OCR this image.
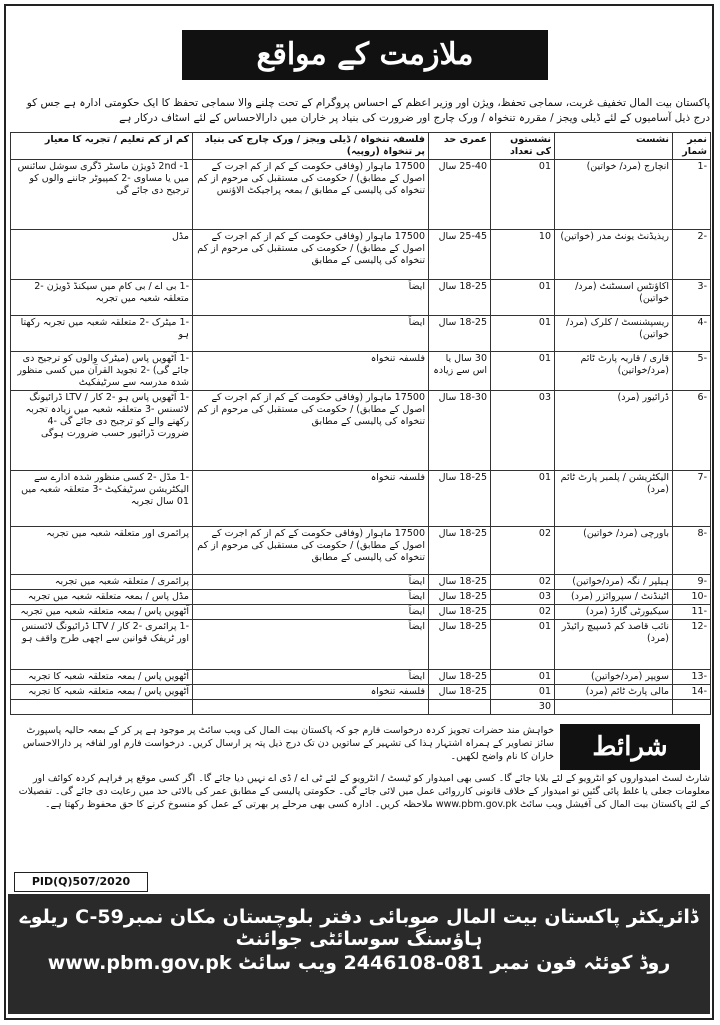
ملازمت کے مواقع
پاکستان بیت المال تخفیف غربت، سماجی تحفظ، ویژن اور وزیر اعظم کے احساس پروگرام کے تحت چلنے والا سماجی تحفظ کا ایک حکومتی ادارہ ہے جس کو درج ذیل آسامیوں کے لئے ڈیلی ویجز / مقررہ تنخواہ / ورک چارج اور ضرورت کی بنیاد پر خاران میں دارالاحساس کے لئے اسٹاف درکار ہے
نمبر شمار	نشست	نشستوں کی تعداد	عمری حد	فلسفہ تنخواہ / ڈیلی ویجز / ورک چارج کی بنیاد پر تنخواہ (روپیہ)	کم از کم تعلیم / تجربہ کا معیار
-1	انچارج (مرد/ خواتین)	01	25-40 سال	17500 ماہوار (وفاقی حکومت کے کم از کم اجرت کے اصول کے مطابق) / حکومت کی مستقبل کی مرحوم از کم تنخواہ کی پالیسی کے مطابق / بمعہ پراجیکٹ الاؤنس	2nd -1 ڈویژن ماسٹر ڈگری سوشل سائنس میں یا مساوی -2 کمپیوٹر جاننے والوں کو ترجیح دی جائے گی
-2	ریذیڈنٹ یونٹ مدر (خواتین)	10	25-45 سال	17500 ماہوار (وفاقی حکومت کے کم از کم اجرت کے اصول کے مطابق) / حکومت کی مستقبل کی مرحوم از کم تنخواہ کی پالیسی کے مطابق	مڈل
-3	اکاؤنٹس اسسٹنٹ (مرد/خواتین)	01	18-25 سال	ایضاً	-1 بی اے / بی کام میں سیکنڈ ڈویژن -2 متعلقہ شعبہ میں تجربہ
-4	ریسپشنسٹ / کلرک (مرد/ خواتین)	01	18-25 سال	ایضاً	-1 میٹرک -2 متعلقہ شعبہ میں تجربہ رکھتا ہو
-5	قاری / قاریہ پارٹ ٹائم (مرد/خواتین)	01	30 سال یا اس سے زیادہ	فلسفہ تنخواہ	-1 آٹھویں پاس (میٹرک والوں کو ترجیح دی جائے گی) -2 تجوید القرآن میں کسی منظور شدہ مدرسہ سے سرٹیفکیٹ
-6	ڈرائیور (مرد)	03	18-30 سال	17500 ماہوار (وفاقی حکومت کے کم از کم اجرت کے اصول کے مطابق) / حکومت کی مستقبل کی مرحوم از کم تنخواہ کی پالیسی کے مطابق	-1 آٹھویں پاس ہو -2 کار / LTV ڈرائیونگ لائسنس -3 متعلقہ شعبہ میں زیادہ تجربہ رکھنے والے کو ترجیح دی جائے گی -4 ضرورت ڈرائیور حسب ضرورت ہوگی
-7	الیکٹریشن / پلمبر پارٹ ٹائم (مرد)	01	18-25 سال	فلسفہ تنخواہ	-1 مڈل -2 کسی منظور شدہ ادارے سے الیکٹریشن سرٹیفکیٹ -3 متعلقہ شعبہ میں 01 سال تجربہ
-8	باورچی (مرد/ خواتین)	02	18-25 سال	17500 ماہوار (وفاقی حکومت کے کم از کم اجرت کے اصول کے مطابق) / حکومت کی مستقبل کی مرحوم از کم تنخواہ کی پالیسی کے مطابق	پرائمری اور متعلقہ شعبہ میں تجربہ
-9	ہیلپر / نگہ (مرد/خواتین)	02	18-25 سال	ایضاً	پرائمری / متعلقہ شعبہ میں تجربہ
-10	اٹینڈنٹ / سپروائزر (مرد)	03	18-25 سال	ایضاً	مڈل پاس / بمعہ متعلقہ شعبہ میں تجربہ
-11	سیکیورٹی گارڈ (مرد)	02	18-25 سال	ایضاً	آٹھویں پاس / بمعہ متعلقہ شعبہ میں تجربہ
-12	نائب قاصد کم ڈسپیچ رائیڈر (مرد)	01	18-25 سال	ایضاً	-1 پرائمری -2 کار / LTV ڈرائیونگ لائسنس اور ٹریفک قوانین سے اچھی طرح واقف ہو
-13	سویپر (مرد/خواتین)	01	18-25 سال	ایضاً	آٹھویں پاس / بمعہ متعلقہ شعبہ کا تجربہ
-14	مالی پارٹ ٹائم (مرد)	01	18-25 سال	فلسفہ تنخواہ	آٹھویں پاس / بمعہ متعلقہ شعبہ کا تجربہ
		30			
شرائط
خواہش مند حضرات تجویز کردہ درخواست فارم جو کہ پاکستان بیت المال کی ویب سائٹ پر موجود ہے پر کر کے بمعہ حالیہ پاسپورٹ سائز تصاویر کے ہمراہ اشتہار ہذا کی تشہیر کے ساتویں دن تک درج ذیل پتہ پر ارسال کریں۔ درخواست فارم اور لفافہ پر دارالاحساس خاران کا نام واضح لکھیں۔
شارٹ لسٹ امیدواروں کو انٹرویو کے لئے بلایا جائے گا۔ کسی بھی امیدوار کو ٹیسٹ / انٹرویو کے لئے ٹی اے / ڈی اے نہیں دیا جائے گا۔ اگر کسی موقع پر فراہم کردہ کوائف اور معلومات جعلی یا غلط پائی گئیں تو امیدوار کے خلاف قانونی کارروائی عمل میں لائی جائے گی۔ حکومتی پالیسی کے مطابق عمر کی بالائی حد میں رعایت دی جائے گی۔ تفصیلات کے لئے پاکستان بیت المال کی آفیشل ویب سائٹ www.pbm.gov.pk ملاحظہ کریں۔ ادارہ کسی بھی مرحلے پر بھرتی کے عمل کو منسوخ کرنے کا حق محفوظ رکھتا ہے۔
PID(Q)507/2020
ڈائریکٹر پاکستان بیت المال صوبائی دفتر بلوچستان مکان نمبرC-59 ریلوے ہاؤسنگ سوسائٹی جوائنٹ
روڈ کوئٹہ فون نمبر 081-2446108 ویب سائٹ www.pbm.gov.pk
